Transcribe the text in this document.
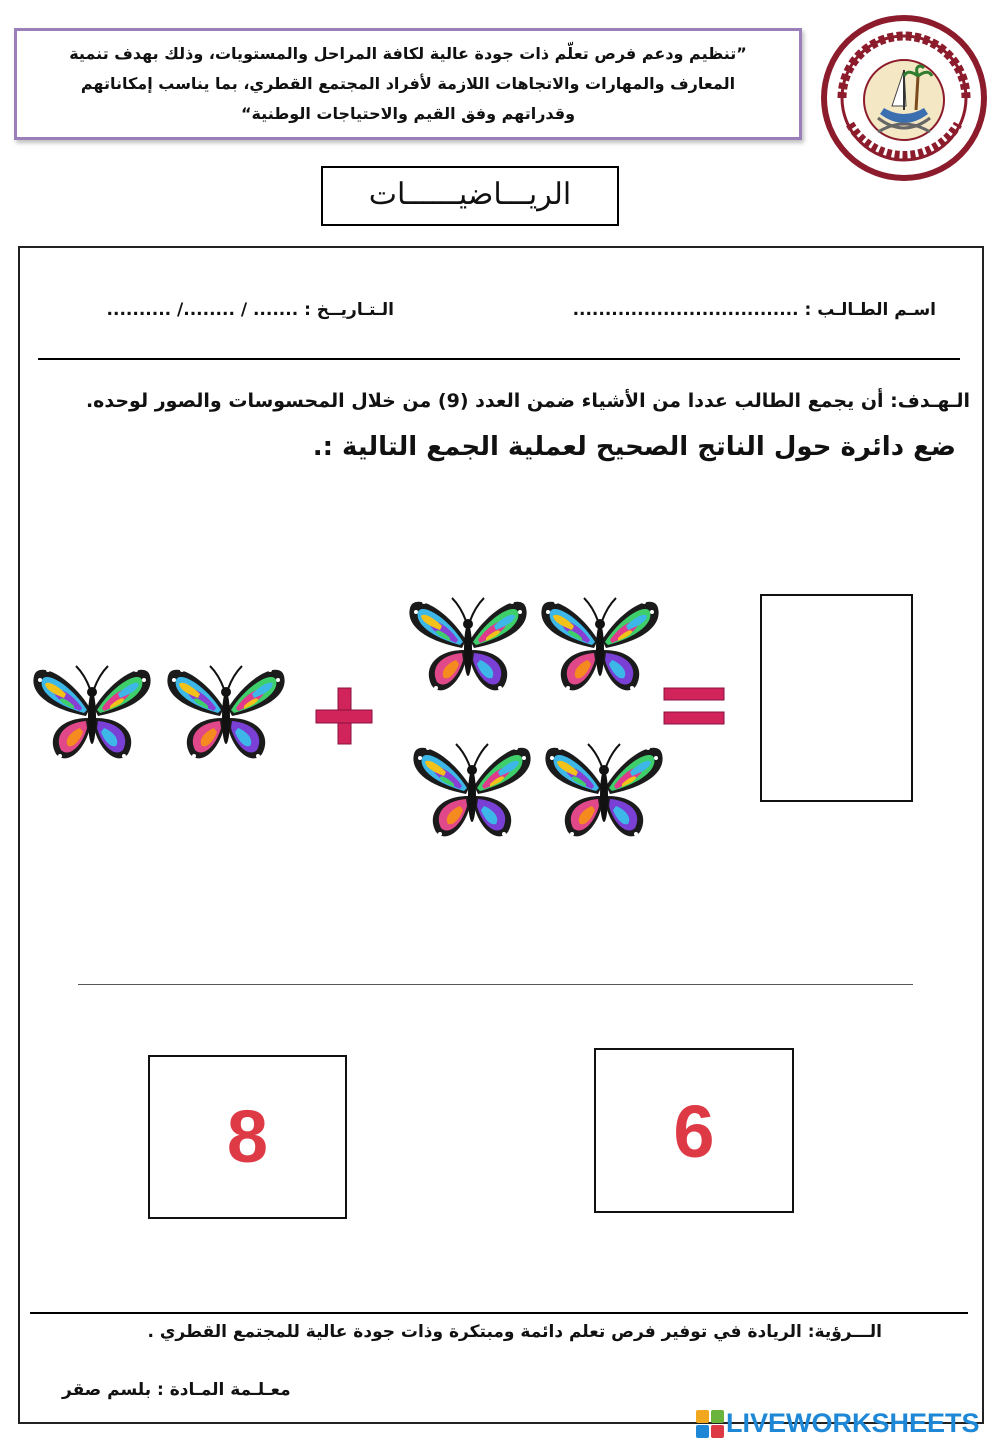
”تنظيم ودعم فرص تعلّم ذات جودة عالية لكافة المراحل والمستويات، وذلك بهدف تنمية
المعارف والمهارات والاتجاهات اللازمة لأفراد المجتمع القطري، بما يناسب إمكاناتهم
وقدراتهم وفق القيم والاحتياجات الوطنية“

الريـــاضيــــــات
اسـم الطـالـب : ...................................
الـتـاريــخ : ....... / ......../ ..........
الـهـدف: أن يجمع الطالب عددا من الأشياء ضمن العدد (9) من خلال المحسوسات والصور لوحده.
ضع دائرة حول الناتج الصحيح لعملية الجمع التالية :.
8	6
الـــرؤية: الريادة في توفير فرص تعلم دائمة ومبتكرة وذات جودة عالية للمجتمع القطري .
معـلـمة المـادة : بلسم صقر
LIVEWORKSHEETS
